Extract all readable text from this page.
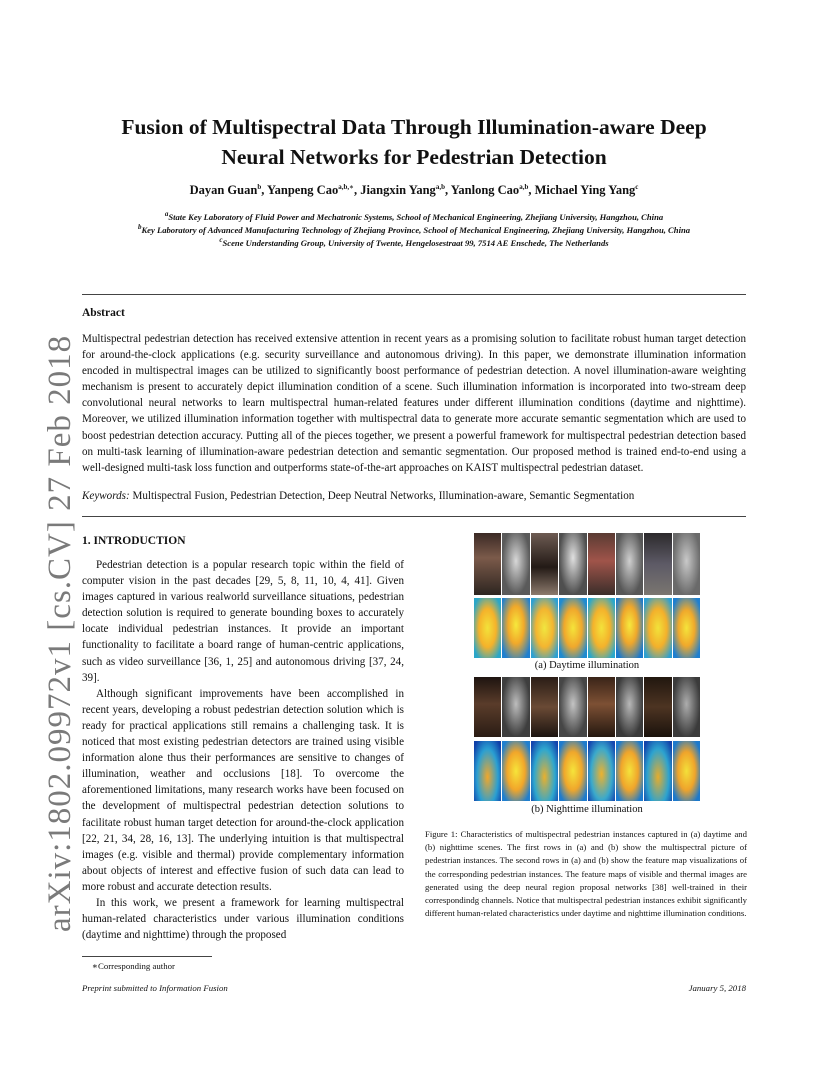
arXiv:1802.09972v1 [cs.CV] 27 Feb 2018
Fusion of Multispectral Data Through Illumination-aware Deep
Neural Networks for Pedestrian Detection
Dayan Guan$^b$, Yanpeng Cao$^{a,b,∗}$, Jiangxin Yang$^{a,b}$, Yanlong Cao$^{a,b}$, Michael Ying Yang$^c$
$^a$State Key Laboratory of Fluid Power and Mechatronic Systems, School of Mechanical Engineering, Zhejiang University, Hangzhou, China
$^b$Key Laboratory of Advanced Manufacturing Technology of Zhejiang Province, School of Mechanical Engineering, Zhejiang University, Hangzhou, China
$^c$Scene Understanding Group, University of Twente, Hengelosestraat 99, 7514 AE Enschede, The Netherlands
Abstract
Multispectral pedestrian detection has received extensive attention in recent years as a promising solution to facilitate robust human target detection for around-the-clock applications (e.g. security surveillance and autonomous driving). In this paper, we demonstrate illumination information encoded in multispectral images can be utilized to significantly boost performance of pedestrian detection. A novel illumination-aware weighting mechanism is present to accurately depict illumination condition of a scene. Such illumination information is incorporated into two-stream deep convolutional neural networks to learn multispectral human-related features under different illumination conditions (daytime and nighttime). Moreover, we utilized illumination information together with multispectral data to generate more accurate semantic segmentation which are used to boost pedestrian detection accuracy. Putting all of the pieces together, we present a powerful framework for multispectral pedestrian detection based on multi-task learning of illumination-aware pedestrian detection and semantic segmentation. Our proposed method is trained end-to-end using a well-designed multi-task loss function and outperforms state-of-the-art approaches on KAIST multispectral pedestrian dataset.
Keywords: Multispectral Fusion, Pedestrian Detection, Deep Neutral Networks, Illumination-aware, Semantic Segmentation
1. INTRODUCTION

Pedestrian detection is a popular research topic within the field of computer vision in the past decades [29, 5, 8, 11, 10, 4, 41]. Given images captured in various realworld surveillance situations, pedestrian detection solution is required to generate bounding boxes to accurately locate individual pedestrian instances. It provide an important functionality to facilitate a board range of human-centric applications, such as video surveillance [36, 1, 25] and autonomous driving [37, 24, 39].

Although significant improvements have been accomplished in recent years, developing a robust pedestrian detection solution which is ready for practical applications still remains a challenging task. It is noticed that most existing pedestrian detectors are trained using visible information alone thus their performances are sensitive to changes of illumination, weather and occlusions [18]. To overcome the aforementioned limitations, many research works have been focused on the development of multispectral pedestrian detection solutions to facilitate robust human target detection for around-the-clock application [22, 21, 34, 28, 16, 13]. The underlying intuition is that multispectral images (e.g. visible and thermal) provide complementary information about objects of interest and effective fusion of such data can lead to more robust and accurate detection results.

In this work, we present a framework for learning multispectral human-related characteristics under various illumination conditions (daytime and nighttime) through the proposed

(a) Daytime illumination
(b) Nighttime illumination
Figure 1: Characteristics of multispectral pedestrian instances captured in (a) daytime and (b) nighttime scenes. The first rows in (a) and (b) show the multispectral picture of pedestrian instances. The second rows in (a) and (b) show the feature map visualizations of the corresponding pedestrian instances. The feature maps of visible and thermal images are generated using the deep neural region proposal networks [38] well-trained in their correspondindg channels. Notice that multispectral pedestrian instances exhibit significantly different human-related characteristics under daytime and nighttime illumination conditions.
∗Corresponding author
Preprint submitted to Information Fusion	January 5, 2018
